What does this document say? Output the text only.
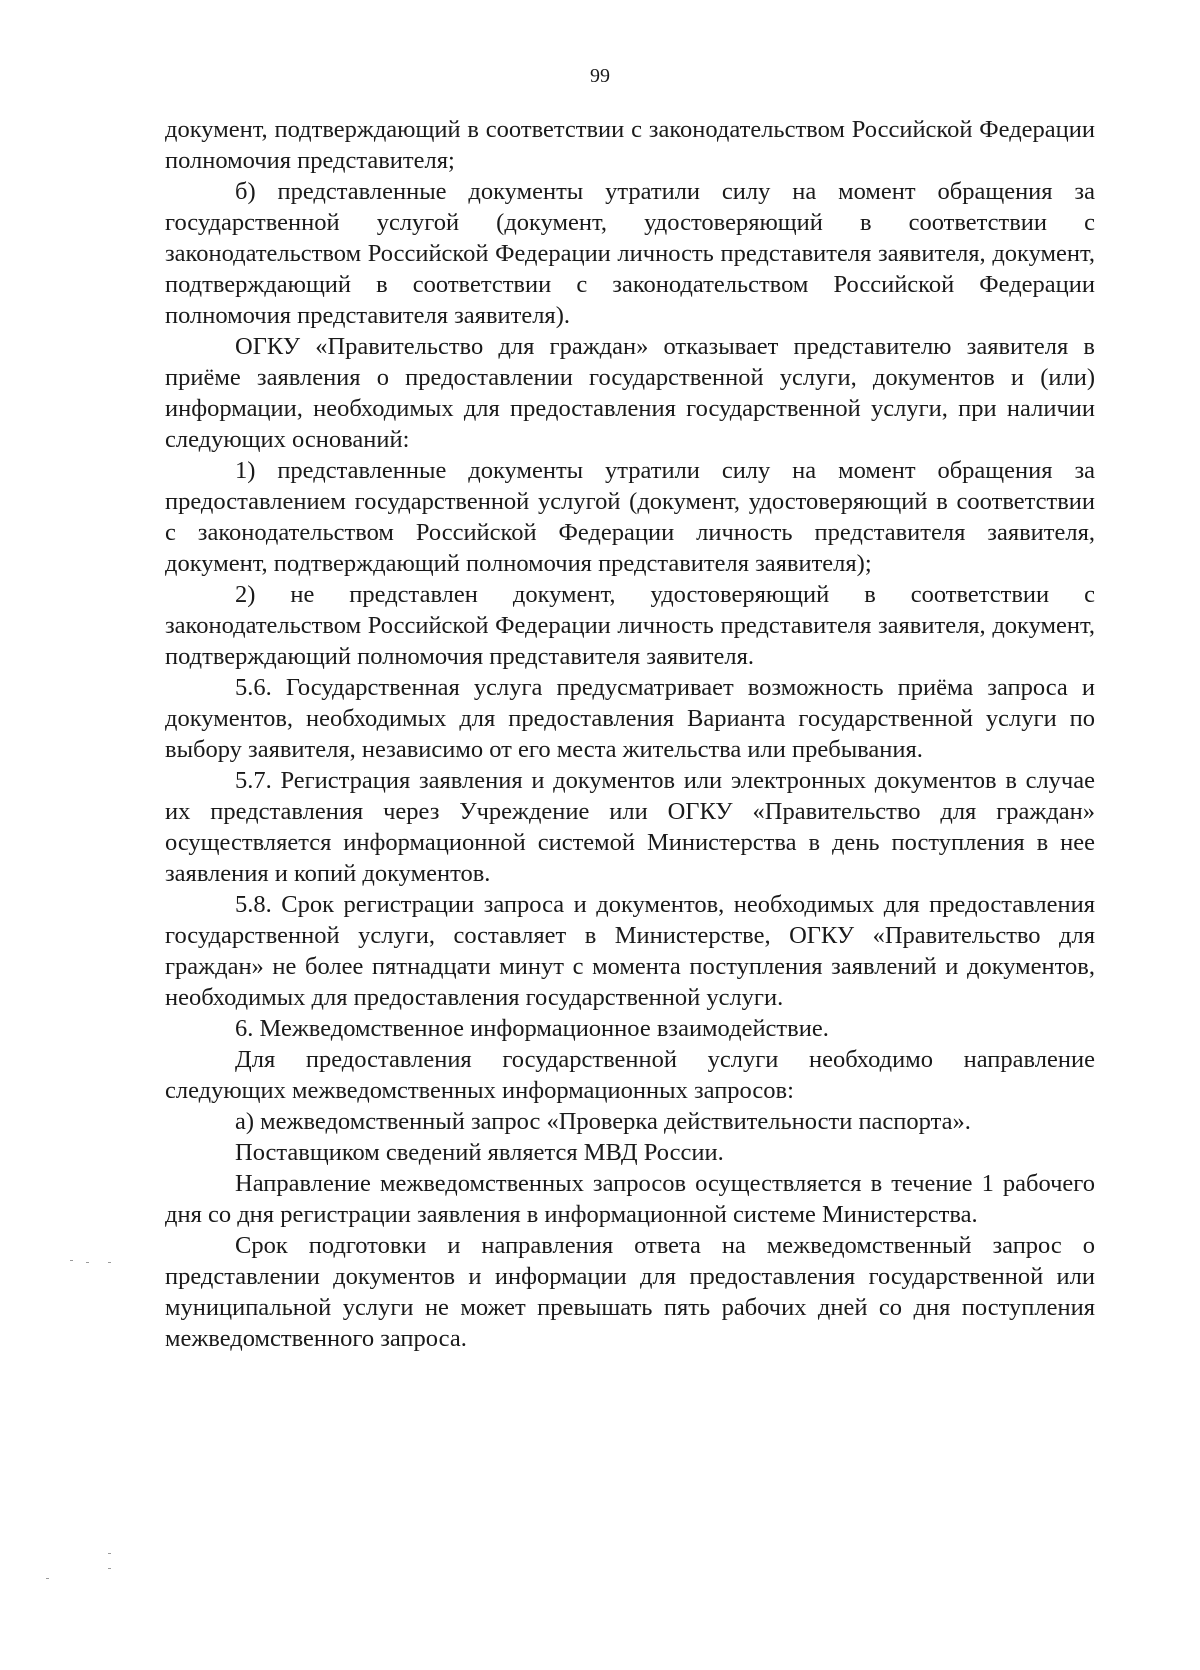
99

документ, подтверждающий в соответствии с законодательством Российской Федерации полномочия представителя;

б) представленные документы утратили силу на момент обращения за государственной услугой (документ, удостоверяющий в соответствии с законодательством Российской Федерации личность представителя заявителя, документ, подтверждающий в соответствии с законодательством Российской Федерации полномочия представителя заявителя).

ОГКУ «Правительство для граждан» отказывает представителю заявителя в приёме заявления о предоставлении государственной услуги, документов и (или) информации, необходимых для предоставления государственной услуги, при наличии следующих оснований:

1) представленные документы утратили силу на момент обращения за предоставлением государственной услугой (документ, удостоверяющий в соответствии с законодательством Российской Федерации личность представителя заявителя, документ, подтверждающий полномочия представителя заявителя);

2) не представлен документ, удостоверяющий в соответствии с законодательством Российской Федерации личность представителя заявителя, документ, подтверждающий полномочия представителя заявителя.

5.6. Государственная услуга предусматривает возможность приёма запроса и документов, необходимых для предоставления Варианта государственной услуги по выбору заявителя, независимо от его места жительства или пребывания.

5.7. Регистрация заявления и документов или электронных документов в случае их представления через Учреждение или ОГКУ «Правительство для граждан» осуществляется информационной системой Министерства в день поступления в нее заявления и копий документов.

5.8. Срок регистрации запроса и документов, необходимых для предоставления государственной услуги, составляет в Министерстве, ОГКУ «Правительство для граждан» не более пятнадцати минут с момента поступления заявлений и документов, необходимых для предоставления государственной услуги.

6. Межведомственное информационное взаимодействие.

Для предоставления государственной услуги необходимо направление следующих межведомственных информационных запросов:

а) межведомственный запрос «Проверка действительности паспорта».

Поставщиком сведений является МВД России.

Направление межведомственных запросов осуществляется в течение 1 рабочего дня со дня регистрации заявления в информационной системе Министерства.

Срок подготовки и направления ответа на межведомственный запрос о представлении документов и информации для предоставления государственной или муниципальной услуги не может превышать пять рабочих дней со дня поступления межведомственного запроса.
